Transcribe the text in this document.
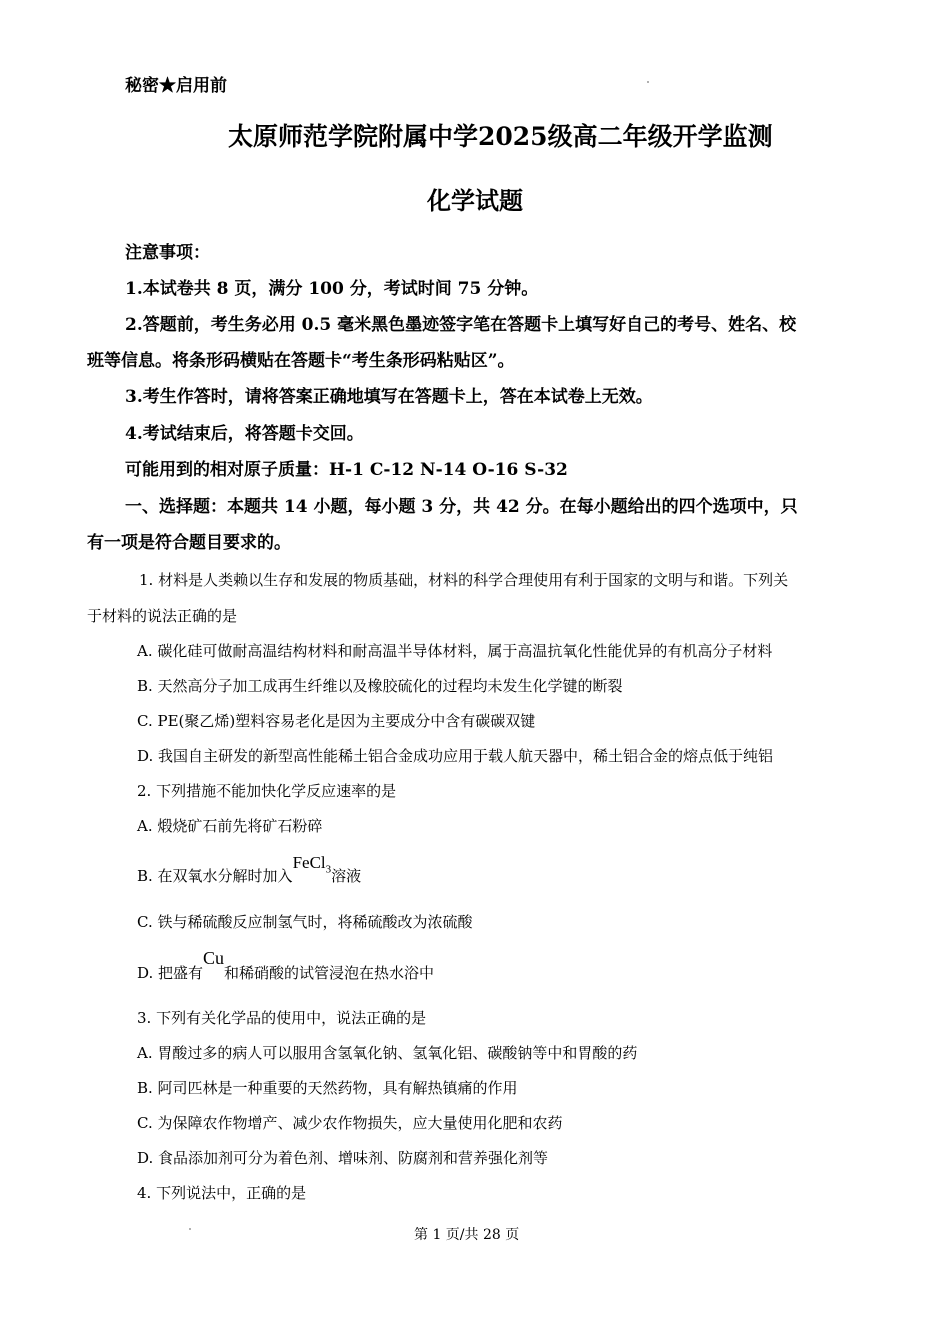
秘密★启用前
太原师范学院附属中学2025级高二年级开学监测
化学试题
注意事项：
1.本试卷共 8 页，满分 100 分，考试时间 75 分钟。
2.答题前，考生务必用 0.5 毫米黑色墨迹签字笔在答题卡上填写好自己的考号、姓名、校
班等信息。将条形码横贴在答题卡“考生条形码粘贴区”。
3.考生作答时，请将答案正确地填写在答题卡上，答在本试卷上无效。
4.考试结束后，将答题卡交回。
可能用到的相对原子质量：H-1 C-12 N-14 O-16 S-32
一、选择题：本题共 14 小题，每小题 3 分，共 42 分。在每小题给出的四个选项中，只
有一项是符合题目要求的。
1. 材料是人类赖以生存和发展的物质基础，材料的科学合理使用有利于国家的文明与和谐。下列关
于材料的说法正确的是
A. 碳化硅可做耐高温结构材料和耐高温半导体材料，属于高温抗氧化性能优异的有机高分子材料
B. 天然高分子加工成再生纤维以及橡胶硫化的过程均未发生化学键的断裂
C. PE(聚乙烯)塑料容易老化是因为主要成分中含有碳碳双键
D. 我国自主研发的新型高性能稀土铝合金成功应用于载人航天器中，稀土铝合金的熔点低于纯铝
2. 下列措施不能加快化学反应速率的是
A. 煅烧矿石前先将矿石粉碎
B. 在双氧水分解时加入FeCl$_3$溶液
C. 铁与稀硫酸反应制氢气时，将稀硫酸改为浓硫酸
D. 把盛有Cu和稀硝酸的试管浸泡在热水浴中
3. 下列有关化学品的使用中，说法正确的是
A. 胃酸过多的病人可以服用含氢氧化钠、氢氧化铝、碳酸钠等中和胃酸的药
B. 阿司匹林是一种重要的天然药物，具有解热镇痛的作用
C. 为保障农作物增产、减少农作物损失，应大量使用化肥和农药
D. 食品添加剂可分为着色剂、增味剂、防腐剂和营养强化剂等
4. 下列说法中，正确的是
第 1 页/共 28 页
